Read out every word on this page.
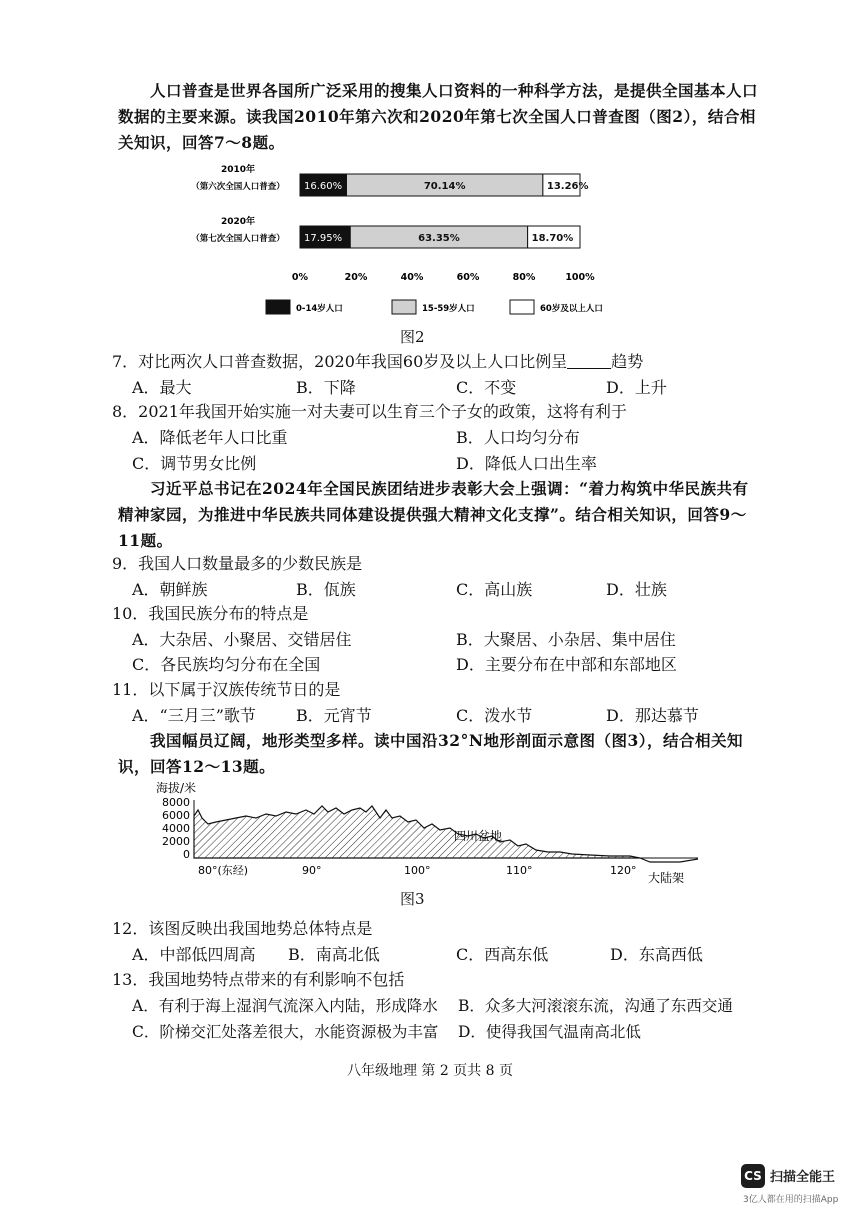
人口普查是世界各国所广泛采用的搜集人口资料的一种科学方法，是提供全国基本人口数据的主要来源。读我国2010年第六次和2020年第七次全国人口普查图（图2），结合相关知识，回答7～8题。
2010年
（第六次全国人口普查）
2020年
（第七次全国人口普查）
16.60%	70.14%	13.26%
17.95%	63.35%	18.70%
0%	20%	40%	60%	80%	100%
0-14岁人口	15-59岁人口	60岁及以上人口
图2
7．对比两次人口普查数据，2020年我国60岁及以上人口比例呈	趋势
A．最大	B．下降	C．不变	D．上升
8．2021年我国开始实施一对夫妻可以生育三个子女的政策，这将有利于
A．降低老年人口比重	B．人口均匀分布
C．调节男女比例	D．降低人口出生率
习近平总书记在2024年全国民族团结进步表彰大会上强调：“着力构筑中华民族共有精神家园，为推进中华民族共同体建设提供强大精神文化支撑”。结合相关知识，回答9～11题。
9．我国人口数量最多的少数民族是
A．朝鲜族	B．佤族	C．高山族	D．壮族
10．我国民族分布的特点是
A．大杂居、小聚居、交错居住	B．大聚居、小杂居、集中居住
C．各民族均匀分布在全国	D．主要分布在中部和东部地区
11．以下属于汉族传统节日的是
A．“三月三”歌节	B．元宵节	C．泼水节	D．那达慕节
我国幅员辽阔，地形类型多样。读中国沿32°N地形剖面示意图（图3），结合相关知识，回答12～13题。
海拔/米
8000
6000
4000
2000
0
四川盆地
80°(东经)	90°	100°	110°	120°
大陆架
图3
12．该图反映出我国地势总体特点是
A．中部低四周高 B．南高北低	C．西高东低	D．东高西低
13．我国地势特点带来的有利影响不包括
A．有利于海上湿润气流深入内陆，形成降水 B．众多大河滚滚东流，沟通了东西交通
C．阶梯交汇处落差很大，水能资源极为丰富 D．使得我国气温南高北低
八年级地理 第 2 页共 8 页
CS 扫描全能王
3亿人都在用的扫描App
